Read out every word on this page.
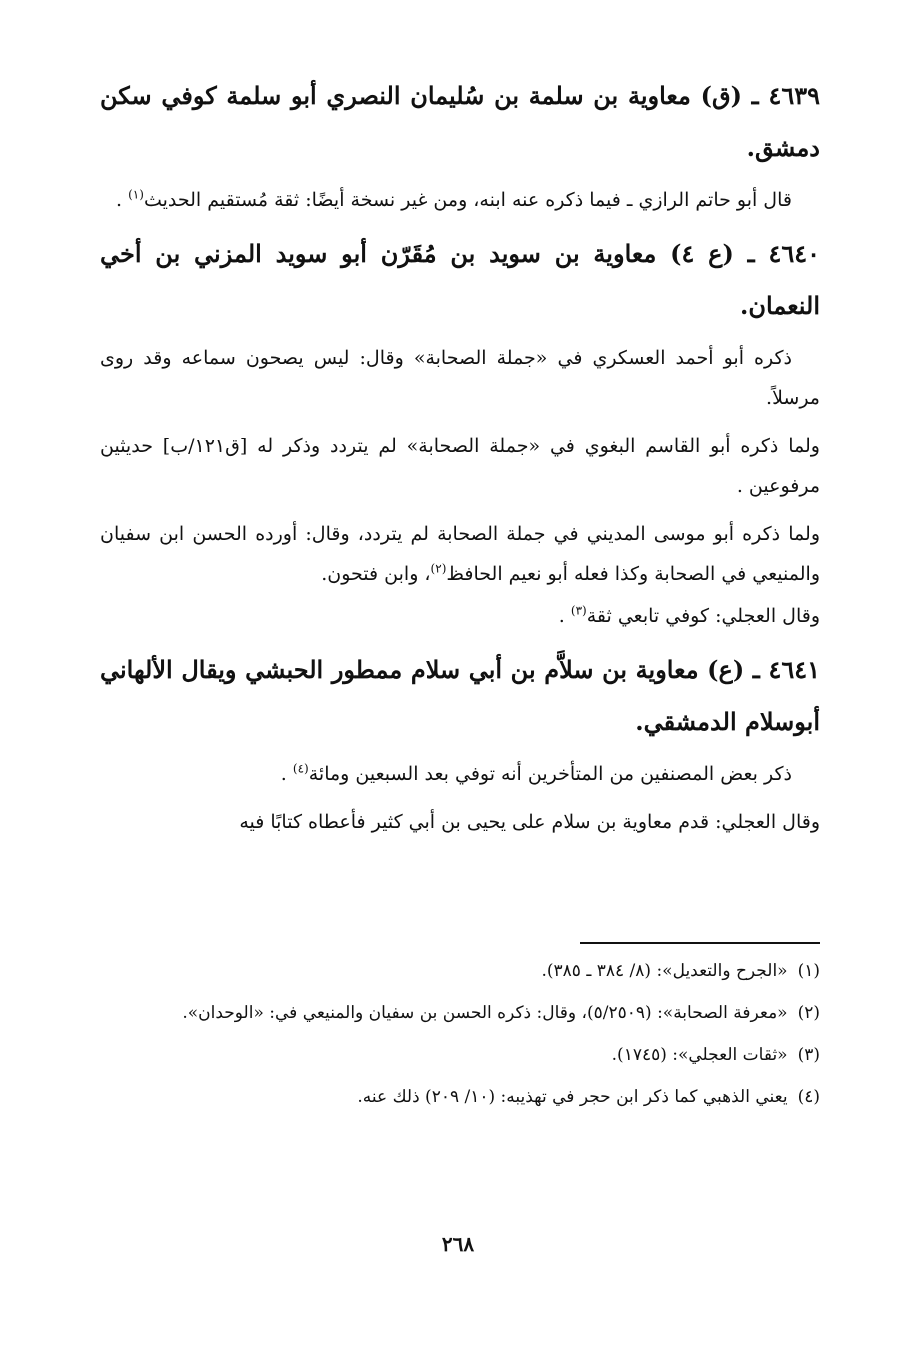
٤٦٣٩ ـ (ق) معاوية بن سلمة بن سُليمان النصري أبو سلمة كوفي سكن دمشق.
قال أبو حاتم الرازي ـ فيما ذكره عنه ابنه، ومن غير نسخة أيضًا: ثقة مُستقيم الحديث$^{(١)}$ .
٤٦٤٠ ـ (ع ٤) معاوية بن سويد بن مُقَرّن أبو سويد المزني بن أخي النعمان.
ذكره أبو أحمد العسكري في «جملة الصحابة» وقال: ليس يصحون سماعه وقد روى مرسلاً.
ولما ذكره أبو القاسم البغوي في «جملة الصحابة» لم يتردد وذكر له [ق١٢١/ب] حديثين مرفوعين .
ولما ذكره أبو موسى المديني في جملة الصحابة لم يتردد، وقال: أورده الحسن ابن سفيان والمنيعي في الصحابة وكذا فعله أبو نعيم الحافظ$^{(٢)}$، وابن فتحون.
وقال العجلي: كوفي تابعي ثقة$^{(٣)}$ .
٤٦٤١ ـ (ع) معاوية بن سلاَّم بن أبي سلام ممطور الحبشي ويقال الألهاني أبوسلام الدمشقي.
ذكر بعض المصنفين من المتأخرين أنه توفي بعد السبعين ومائة$^{(٤)}$ .
وقال العجلي: قدم معاوية بن سلام على يحيى بن أبي كثير فأعطاه كتابًا فيه
(١)«الجرح والتعديل»: (٨/ ٣٨٤ ـ ٣٨٥).
(٢)«معرفة الصحابة»: (٥/٢٥٠٩)، وقال: ذكره الحسن بن سفيان والمنيعي في: «الوحدان».
(٣)«ثقات العجلي»: (١٧٤٥).
(٤)يعني الذهبي كما ذكر ابن حجر في تهذيبه: (١٠/ ٢٠٩) ذلك عنه.
٢٦٨
